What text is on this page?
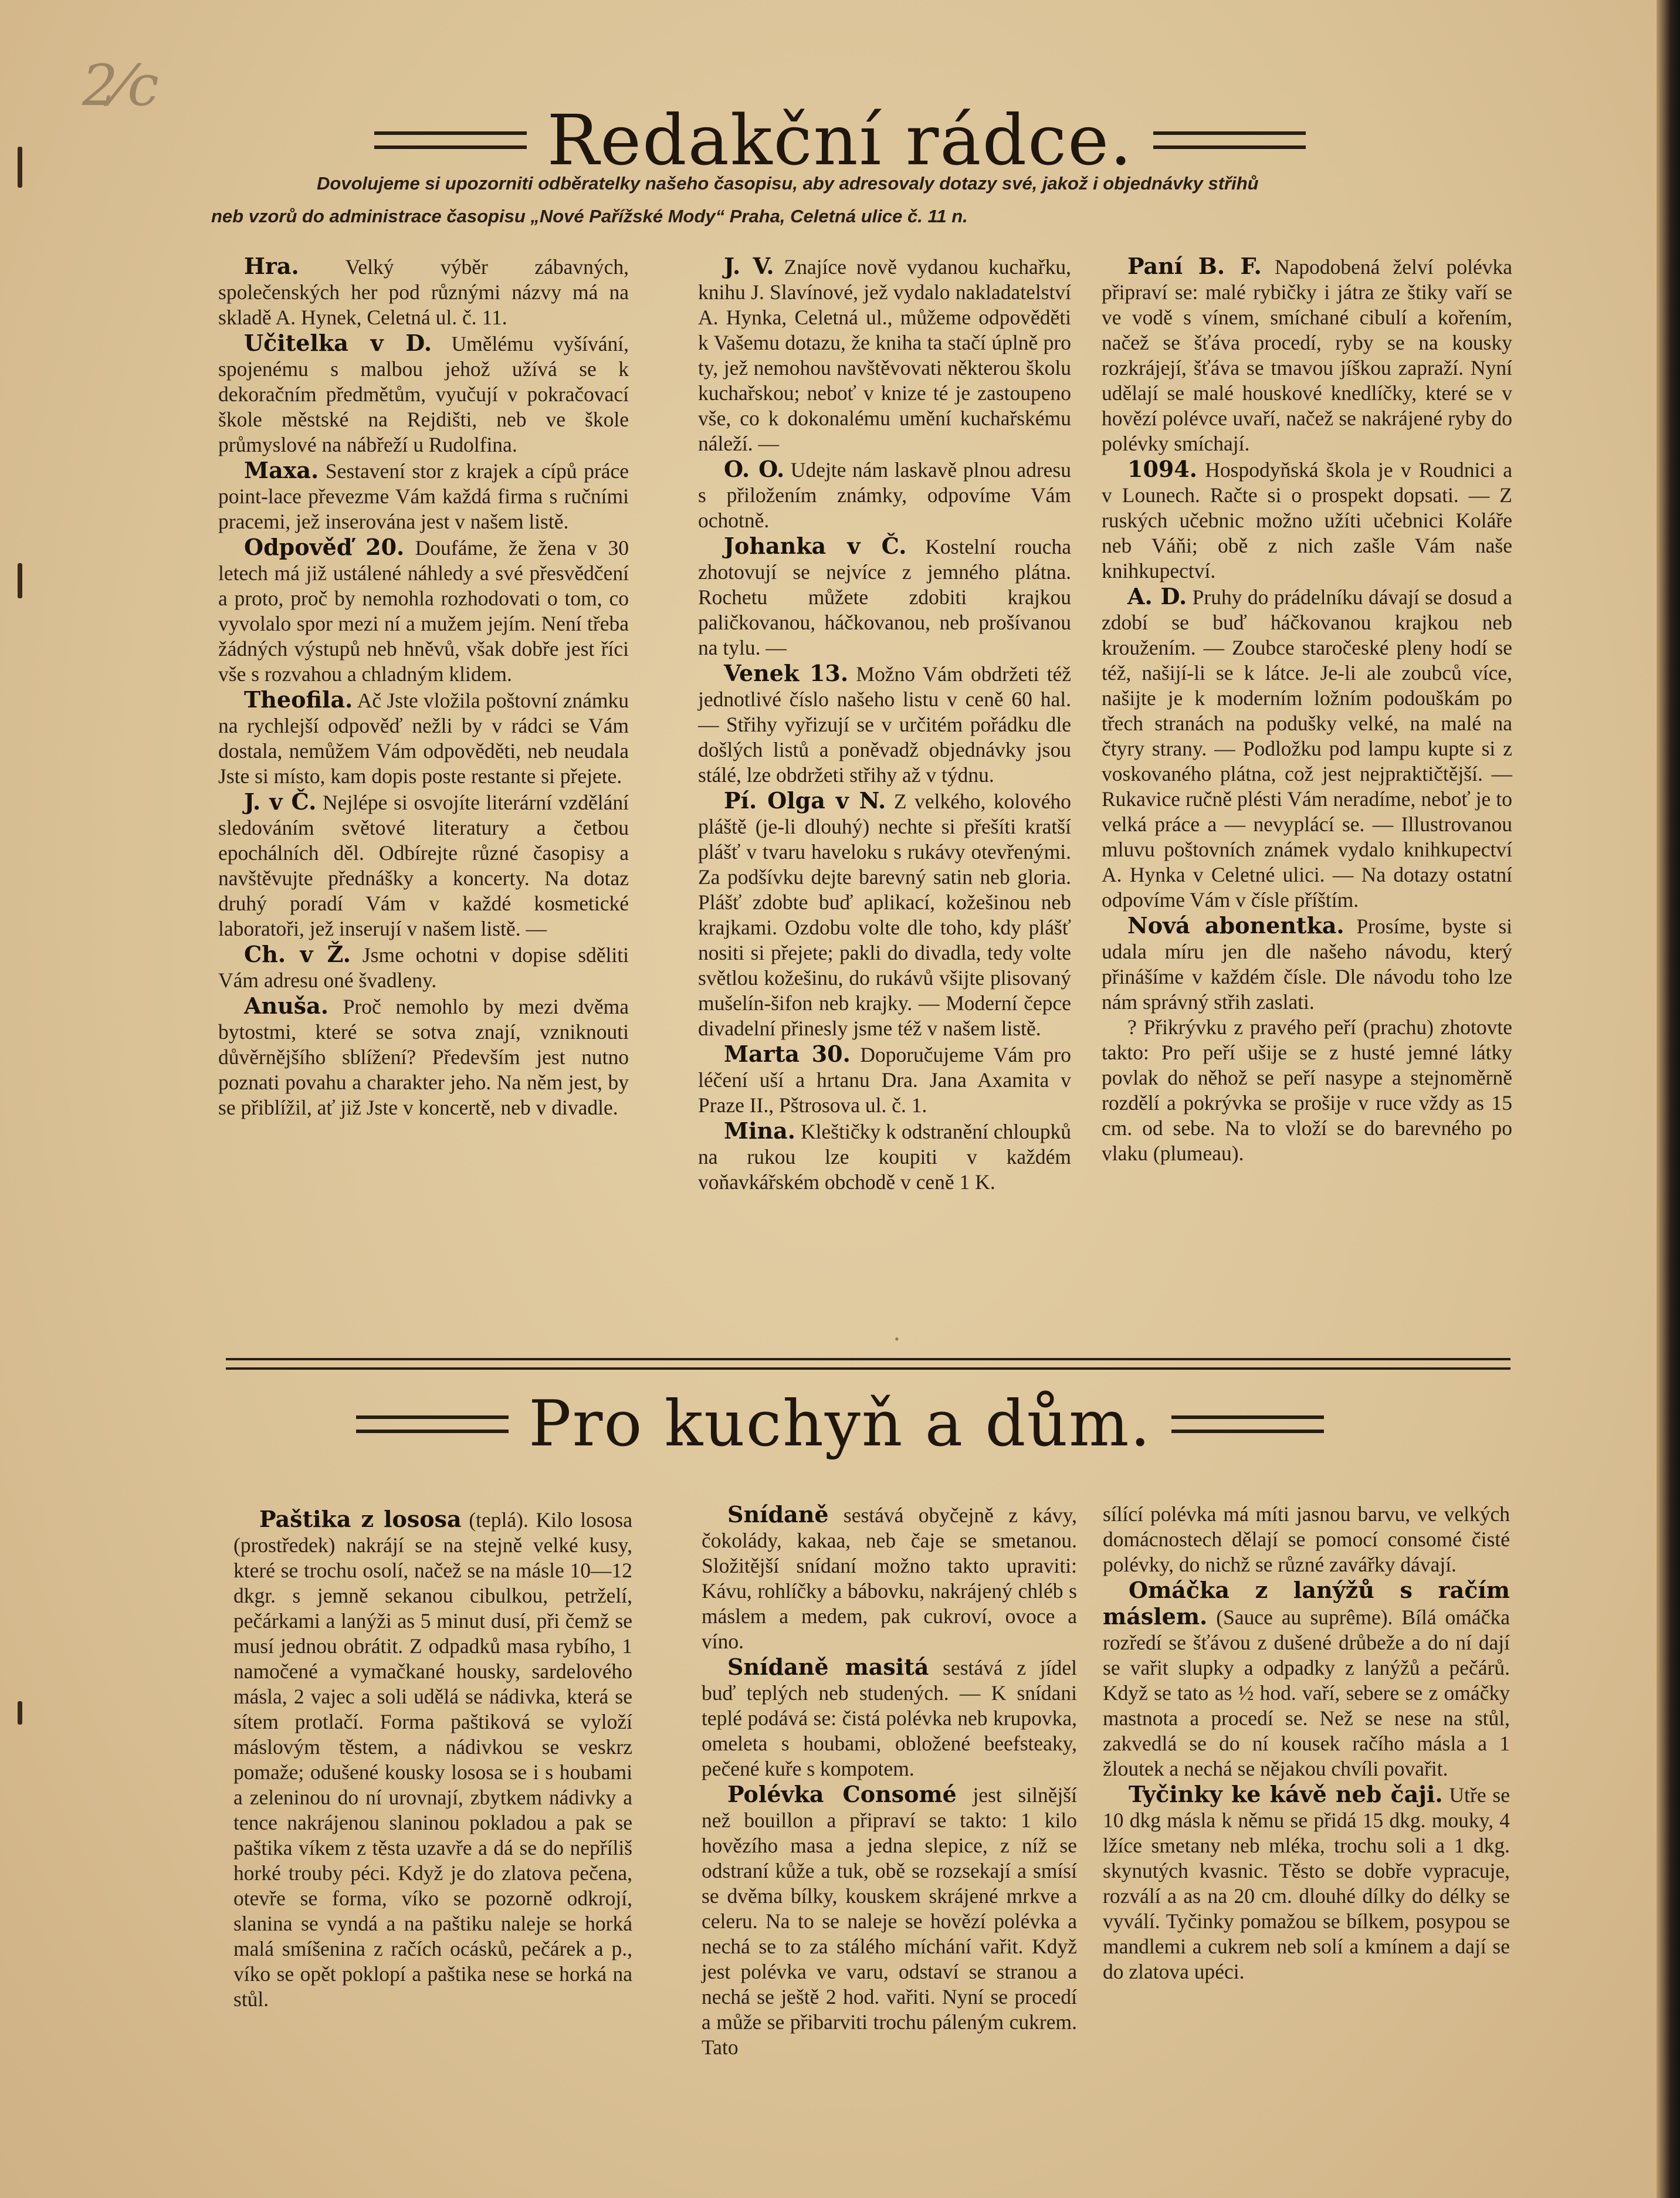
2⁄c
Redakční rádce.
Dovolujeme si upozorniti odběratelky našeho časopisu, aby adresovaly dotazy své, jakož i objednávky střihů
neb vzorů do administrace časopisu „Nové Pařížské Mody“ Praha, Celetná ulice č. 11 n.

Hra. Velký výběr zábavných, společenských her pod různými názvy má na skladě A. Hynek, Celetná ul. č. 11.

Učitelka v D. Umělému vyšívání, spojenému s malbou jehož užívá se k dekoračním předmětům, vyučují v pokračovací škole městské na Rejdišti, neb ve škole průmyslové na nábřeží u Rudolfina.

Maxa. Sestavení stor z krajek a cípů práce point-lace převezme Vám každá firma s ručními pracemi, jež inserována jest v našem listě.

Odpověď 20. Doufáme, že žena v 30 letech má již ustálené náhledy a své přesvědčení a proto, proč by nemohla rozhodovati o tom, co vyvolalo spor mezi ní a mužem jejím. Není třeba žádných výstupů neb hněvů, však dobře jest říci vše s rozvahou a chladným klidem.

Theofila. Ač Jste vložila poštovní známku na rychlejší odpověď nežli by v rádci se Vám dostala, nemůžem Vám odpověděti, neb neudala Jste si místo, kam dopis poste restante si přejete.

J. v Č. Nejlépe si osvojíte literární vzdělání sledováním světové literatury a četbou epochálních děl. Odbírejte různé časopisy a navštěvujte přednášky a koncerty. Na dotaz druhý poradí Vám v každé kosmetické laboratoři, jež inserují v našem listě. —

Ch. v Ž. Jsme ochotni v dopise sděliti Vám adresu oné švadleny.

Anuša. Proč nemohlo by mezi dvěma bytostmi, které se sotva znají, vzniknouti důvěrnějšího sblížení? Především jest nutno poznati povahu a charakter jeho. Na něm jest, by se přiblížil, ať již Jste v koncertě, neb v divadle.

J. V. Znajíce nově vydanou kuchařku, knihu J. Slavínové, jež vydalo nakladatelství A. Hynka, Celetná ul., můžeme odpověděti k Vašemu dotazu, že kniha ta stačí úplně pro ty, jež nemohou navštěvovati některou školu kuchařskou; neboť v knize té je zastoupeno vše, co k dokonalému umění kuchařskému náleží. —

O. O. Udejte nám laskavě plnou adresu s přiložením známky, odpovíme Vám ochotně.

Johanka v Č. Kostelní roucha zhotovují se nejvíce z jemného plátna. Rochetu můžete zdobiti krajkou paličkovanou, háčkovanou, neb prošívanou na tylu. —

Venek 13. Možno Vám obdržeti též jednotlivé číslo našeho listu v ceně 60 hal. — Střihy vyřizují se v určitém pořádku dle došlých listů a poněvadž objednávky jsou stálé, lze obdržeti střihy až v týdnu.

Pí. Olga v N. Z velkého, kolového pláště (je-li dlouhý) nechte si přešíti kratší plášť v tvaru haveloku s rukávy otevřenými. Za podšívku dejte barevný satin neb gloria. Plášť zdobte buď aplikací, kožešinou neb krajkami. Ozdobu volte dle toho, kdy plášť nositi si přejete; pakli do divadla, tedy volte světlou kožešinu, do rukávů všijte plisovaný mušelín-šifon neb krajky. — Moderní čepce divadelní přinesly jsme též v našem listě.

Marta 30. Doporučujeme Vám pro léčení uší a hrtanu Dra. Jana Axamita v Praze II., Pštrosova ul. č. 1.

Mina. Kleštičky k odstranění chloupků na rukou lze koupiti v každém voňavkářském obchodě v ceně 1 K.

Paní B. F. Napodobená želví polévka připraví se: malé rybičky i játra ze štiky vaří se ve vodě s vínem, smíchané cibulí a kořením, načež se šťáva procedí, ryby se na kousky rozkrájejí, šťáva se tmavou jíškou zapraží. Nyní udělají se malé houskové knedlíčky, které se v hovězí polévce uvaří, načež se nakrájené ryby do polévky smíchají.

1094. Hospodyňská škola je v Roudnici a v Lounech. Račte si o prospekt dopsati. — Z ruských učebnic možno užíti učebnici Koláře neb Váňi; obě z nich zašle Vám naše knihkupectví.

A. D. Pruhy do prádelníku dávají se dosud a zdobí se buď háčkovanou krajkou neb kroužením. — Zoubce staročeské pleny hodí se též, našijí-li se k látce. Je-li ale zoubců více, našijte je k moderním ložním podouškám po třech stranách na podušky velké, na malé na čtyry strany. — Podložku pod lampu kupte si z voskovaného plátna, což jest nejpraktičtější. — Rukavice ručně plésti Vám neradíme, neboť je to velká práce a — nevyplácí se. — Illustrovanou mluvu poštovních známek vydalo knihkupectví A. Hynka v Celetné ulici. — Na dotazy ostatní odpovíme Vám v čísle příštím.

Nová abonentka. Prosíme, byste si udala míru jen dle našeho návodu, který přinášíme v každém čísle. Dle návodu toho lze nám správný střih zaslati.

? Přikrývku z pravého peří (prachu) zhotovte takto: Pro peří ušije se z husté jemné látky povlak do něhož se peří nasype a stejnoměrně rozdělí a pokrývka se prošije v ruce vždy as 15 cm. od sebe. Na to vloží se do barevného po vlaku (plumeau).

•
Pro kuchyň a dům.

Paštika z lososa (teplá). Kilo lososa (prostředek) nakrájí se na stejně velké kusy, které se trochu osolí, načež se na másle 10—12 dkgr. s jemně sekanou cibulkou, petrželí, pečárkami a lanýži as 5 minut dusí, při čemž se musí jednou obrátit. Z odpadků masa rybího, 1 namočené a vymačkané housky, sardelového másla, 2 vajec a soli udělá se nádivka, která se sítem protlačí. Forma paštiková se vyloží máslovým těstem, a nádivkou se veskrz pomaže; odušené kousky lososa se i s houbami a zeleninou do ní urovnají, zbytkem nádivky a tence nakrájenou slaninou pokladou a pak se paštika víkem z těsta uzavře a dá se do nepříliš horké trouby péci. Když je do zlatova pečena, otevře se forma, víko se pozorně odkrojí, slanina se vyndá a na paštiku naleje se horká malá smíšenina z račích ocásků, pečárek a p., víko se opět poklopí a paštika nese se horká na stůl.

Snídaně sestává obyčejně z kávy, čokolády, kakaa, neb čaje se smetanou. Složitější snídaní možno takto upraviti: Kávu, rohlíčky a bábovku, nakrájený chléb s máslem a medem, pak cukroví, ovoce a víno.

Snídaně masitá sestává z jídel buď teplých neb studených. — K snídani teplé podává se: čistá polévka neb krupovka, omeleta s houbami, obložené beefsteaky, pečené kuře s kompotem.

Polévka Consomé jest silnější než bouillon a připraví se takto: 1 kilo hovězího masa a jedna slepice, z níž se odstraní kůže a tuk, obě se rozsekají a smísí se dvěma bílky, kouskem skrájené mrkve a celeru. Na to se naleje se hovězí polévka a nechá se to za stálého míchání vařit. Když jest polévka ve varu, odstaví se stranou a nechá se ještě 2 hod. vařiti. Nyní se procedí a může se přibarviti trochu páleným cukrem. Tato

sílící polévka má míti jasnou barvu, ve velkých domácnostech dělají se pomocí consomé čisté polévky, do nichž se různé zavářky dávají.

Omáčka z lanýžů s račím máslem. (Sauce au suprême). Bílá omáčka rozředí se šťávou z dušené drůbeže a do ní dají se vařit slupky a odpadky z lanýžů a pečárů. Když se tato as ½ hod. vaří, sebere se z omáčky mastnota a procedí se. Než se nese na stůl, zakvedlá se do ní kousek račího másla a 1 žloutek a nechá se nějakou chvíli povařit.

Tyčinky ke kávě neb čaji. Utře se 10 dkg másla k němu se přidá 15 dkg. mouky, 4 lžíce smetany neb mléka, trochu soli a 1 dkg. skynutých kvasnic. Těsto se dobře vypracuje, rozválí a as na 20 cm. dlouhé dílky do délky se vyválí. Tyčinky pomažou se bílkem, posypou se mandlemi a cukrem neb solí a kmínem a dají se do zlatova upéci.
